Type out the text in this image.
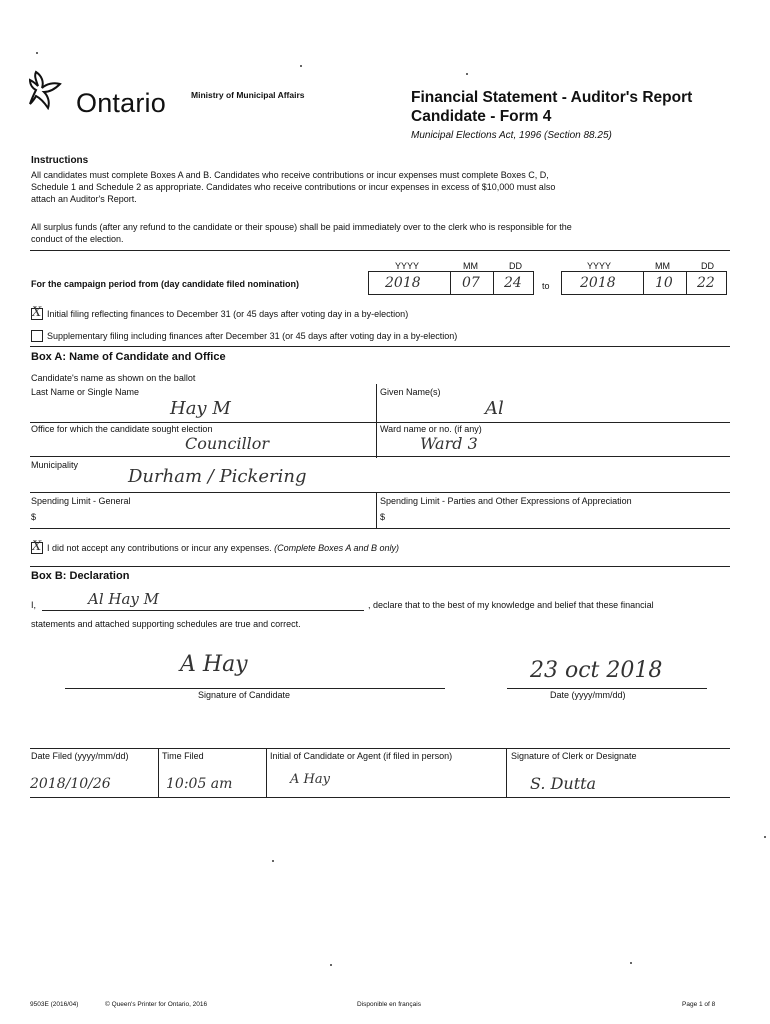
Ontario	Ministry of Municipal Affairs	Financial Statement - Auditor's Report
Candidate - Form 4
Municipal Elections Act, 1996 (Section 88.25)
Instructions
All candidates must complete Boxes A and B. Candidates who receive contributions or incur expenses must complete Boxes C, D,
Schedule 1 and Schedule 2 as appropriate. Candidates who receive contributions or incur expenses in excess of $10,000 must also
attach an Auditor's Report.
All surplus funds (after any refund to the candidate or their spouse) shall be paid immediately over to the clerk who is responsible for the
conduct of the election.
YYYY	MM	DD	YYYY	MM	DD
For the campaign period from (day candidate filed nomination)	2018	07 24 to 2018	10 22
X Initial filing reflecting finances to December 31 (or 45 days after voting day in a by-election)
Supplementary filing including finances after December 31 (or 45 days after voting day in a by-election)
Box A: Name of Candidate and Office
Candidate's name as shown on the ballot
Last Name or Single Name	Given Name(s)
Hay M	Al
Office for which the candidate sought election	Ward name or no. (if any)
Councillor	Ward 3
Municipality
Durham / Pickering
Spending Limit - General
$
Spending Limit - Parties and Other Expressions of Appreciation
$
X I did not accept any contributions or incur any expenses. (Complete Boxes A and B only)
Box B: Declaration
I,	Al Hay M	, declare that to the best of my knowledge and belief that these financial
statements and attached supporting schedules are true and correct.
A Hay
Signature of Candidate
23 oct 2018
Date (yyyy/mm/dd)
Date Filed (yyyy/mm/dd)	Time Filed	Initial of Candidate or Agent (if filed in person)	Signature of Clerk or Designate
2018/10/26	10:05 am	A Hay	S. Dutta
9503E (2016/04)	© Queen's Printer for Ontario, 2016	Disponible en français	Page 1 of 8
